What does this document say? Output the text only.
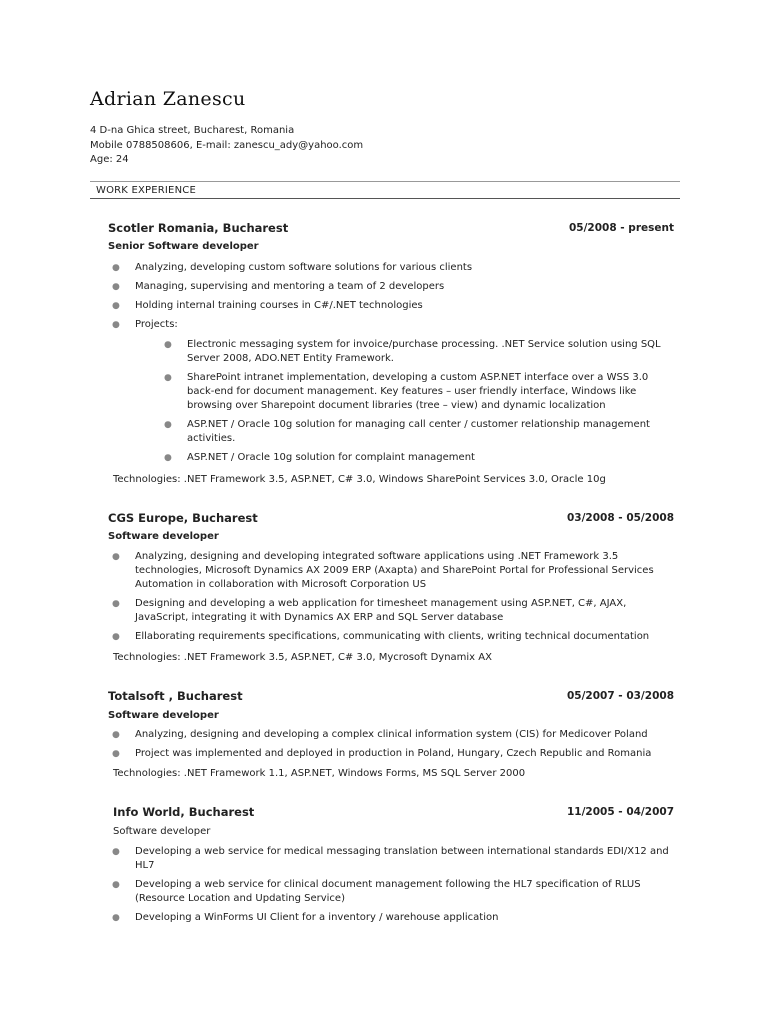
Adrian Zanescu
4 D-na Ghica street, Bucharest, Romania
Mobile 0788508606, E-mail: zanescu_ady@yahoo.com
Age: 24
WORK EXPERIENCE
Scotler Romania, Bucharest	05/2008 - present
Senior Software developer
● Analyzing, developing custom software solutions for various clients
● Managing, supervising and mentoring a team of 2 developers
● Holding internal training courses in C#/.NET technologies
● Projects:
● Electronic messaging system for invoice/purchase processing. .NET Service solution using SQL Server 2008, ADO.NET Entity Framework.
● SharePoint intranet implementation, developing a custom ASP.NET interface over a WSS 3.0 back-end for document management. Key features – user friendly interface, Windows like browsing over Sharepoint document libraries (tree – view) and dynamic localization
● ASP.NET / Oracle 10g solution for managing call center / customer relationship management activities.
● ASP.NET / Oracle 10g solution for complaint management
Technologies: .NET Framework 3.5, ASP.NET, C# 3.0, Windows SharePoint Services 3.0, Oracle 10g
CGS Europe, Bucharest	03/2008 - 05/2008
Software developer
● Analyzing, designing and developing integrated software applications using .NET Framework 3.5 technologies, Microsoft Dynamics AX 2009 ERP (Axapta) and SharePoint Portal for Professional Services Automation in collaboration with Microsoft Corporation US
● Designing and developing a web application for timesheet management using ASP.NET, C#, AJAX, JavaScript, integrating it with Dynamics AX ERP and SQL Server database
● Ellaborating requirements specifications, communicating with clients, writing technical documentation
Technologies: .NET Framework 3.5, ASP.NET, C# 3.0, Mycrosoft Dynamix AX
Totalsoft , Bucharest	05/2007 - 03/2008
Software developer
● Analyzing, designing and developing a complex clinical information system (CIS) for Medicover Poland
● Project was implemented and deployed in production in Poland, Hungary, Czech Republic and Romania
Technologies: .NET Framework 1.1, ASP.NET, Windows Forms, MS SQL Server 2000
Info World, Bucharest	11/2005 - 04/2007
Software developer
● Developing a web service for medical messaging translation between international standards EDI/X12 and HL7
● Developing a web service for clinical document management following the HL7 specification of RLUS (Resource Location and Updating Service)
● Developing a WinForms UI Client for a inventory / warehouse application
